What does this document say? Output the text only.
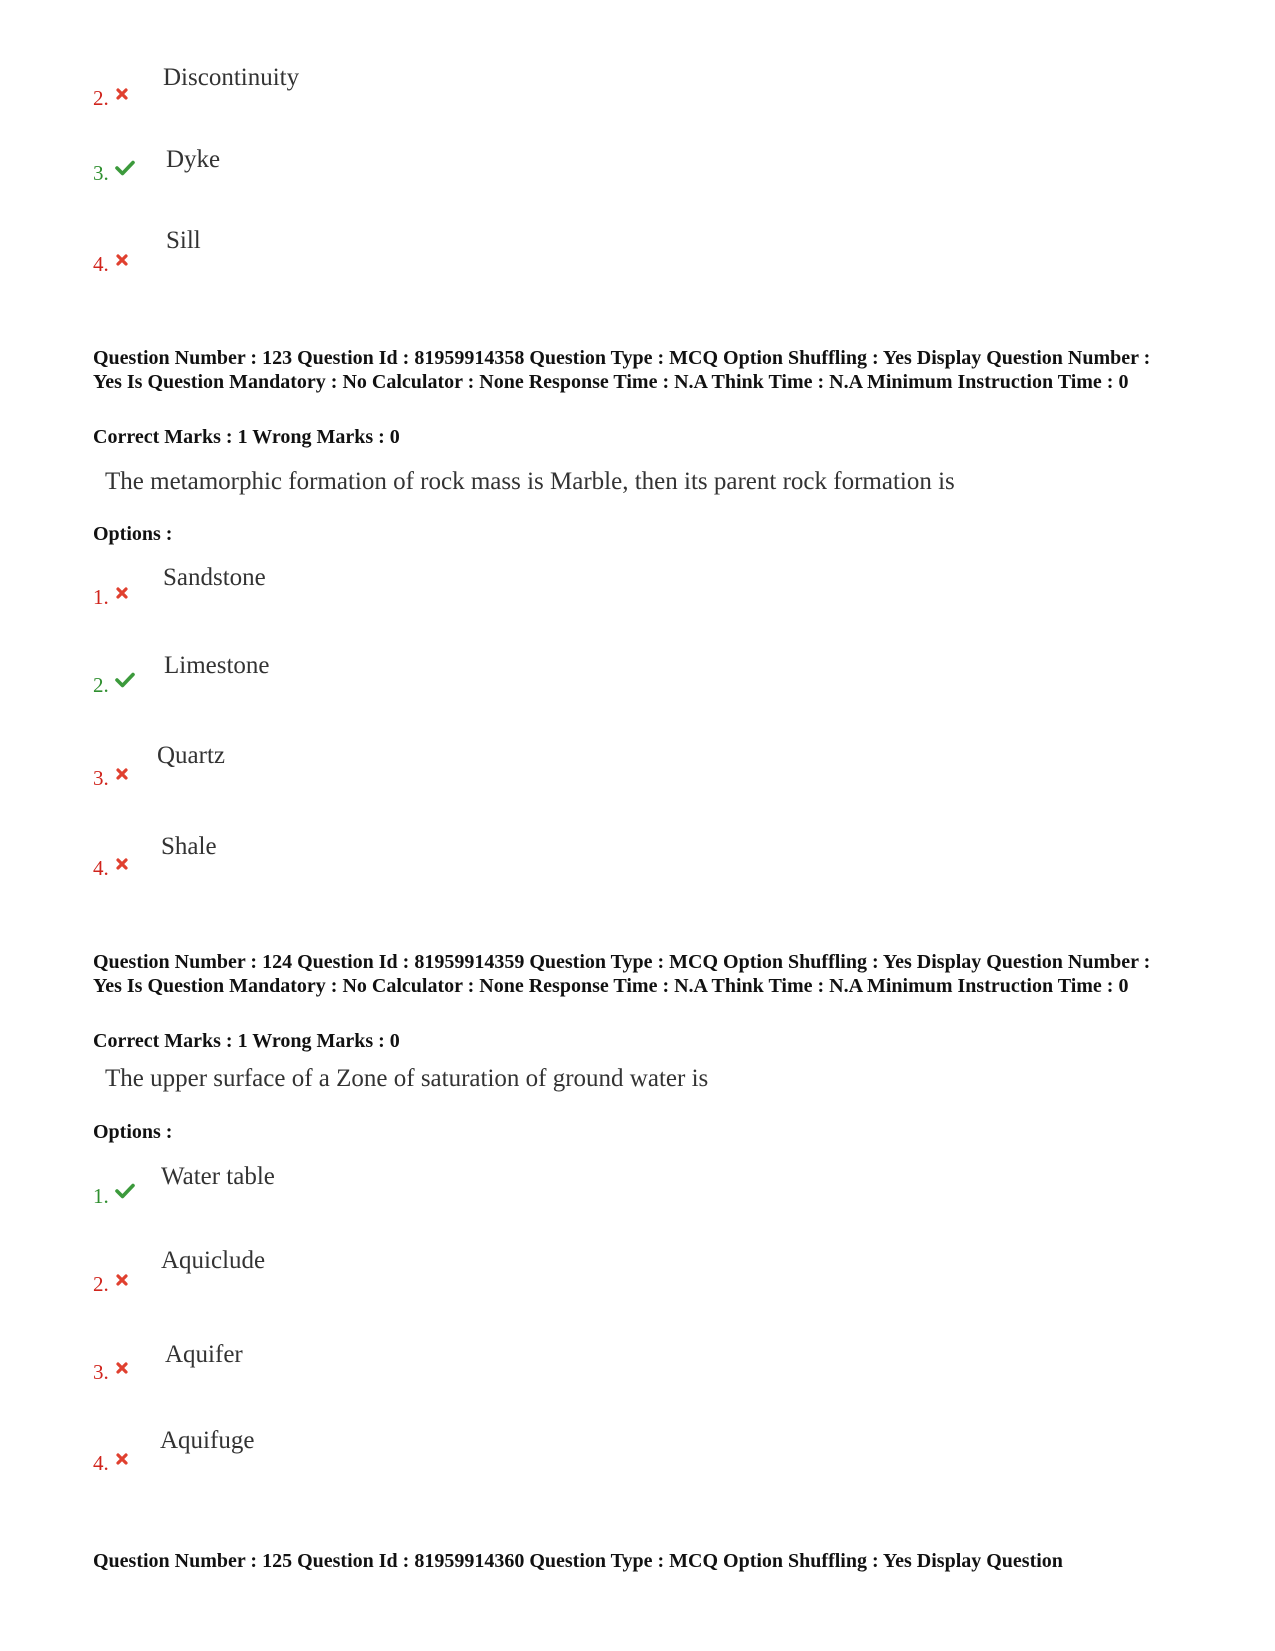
2.
Discontinuity
3.	Dyke
4.
Sill
Question Number : 123 Question Id : 81959914358 Question Type : MCQ Option Shuffling : Yes Display Question Number : Yes Is Question Mandatory : No Calculator : None Response Time : N.A Think Time : N.A Minimum Instruction Time : 0
Correct Marks : 1 Wrong Marks : 0
The metamorphic formation of rock mass is Marble, then its parent rock formation is
Options :
1.
Sandstone
2.
Limestone
3.
Quartz
4.
Shale
Question Number : 124 Question Id : 81959914359 Question Type : MCQ Option Shuffling : Yes Display Question Number : Yes Is Question Mandatory : No Calculator : None Response Time : N.A Think Time : N.A Minimum Instruction Time : 0
Correct Marks : 1 Wrong Marks : 0
The upper surface of a Zone of saturation of ground water is
Options :
1.
Water table
2.
Aquiclude
3.
Aquifer
4.
Aquifuge
Question Number : 125 Question Id : 81959914360 Question Type : MCQ Option Shuffling : Yes Display Question
